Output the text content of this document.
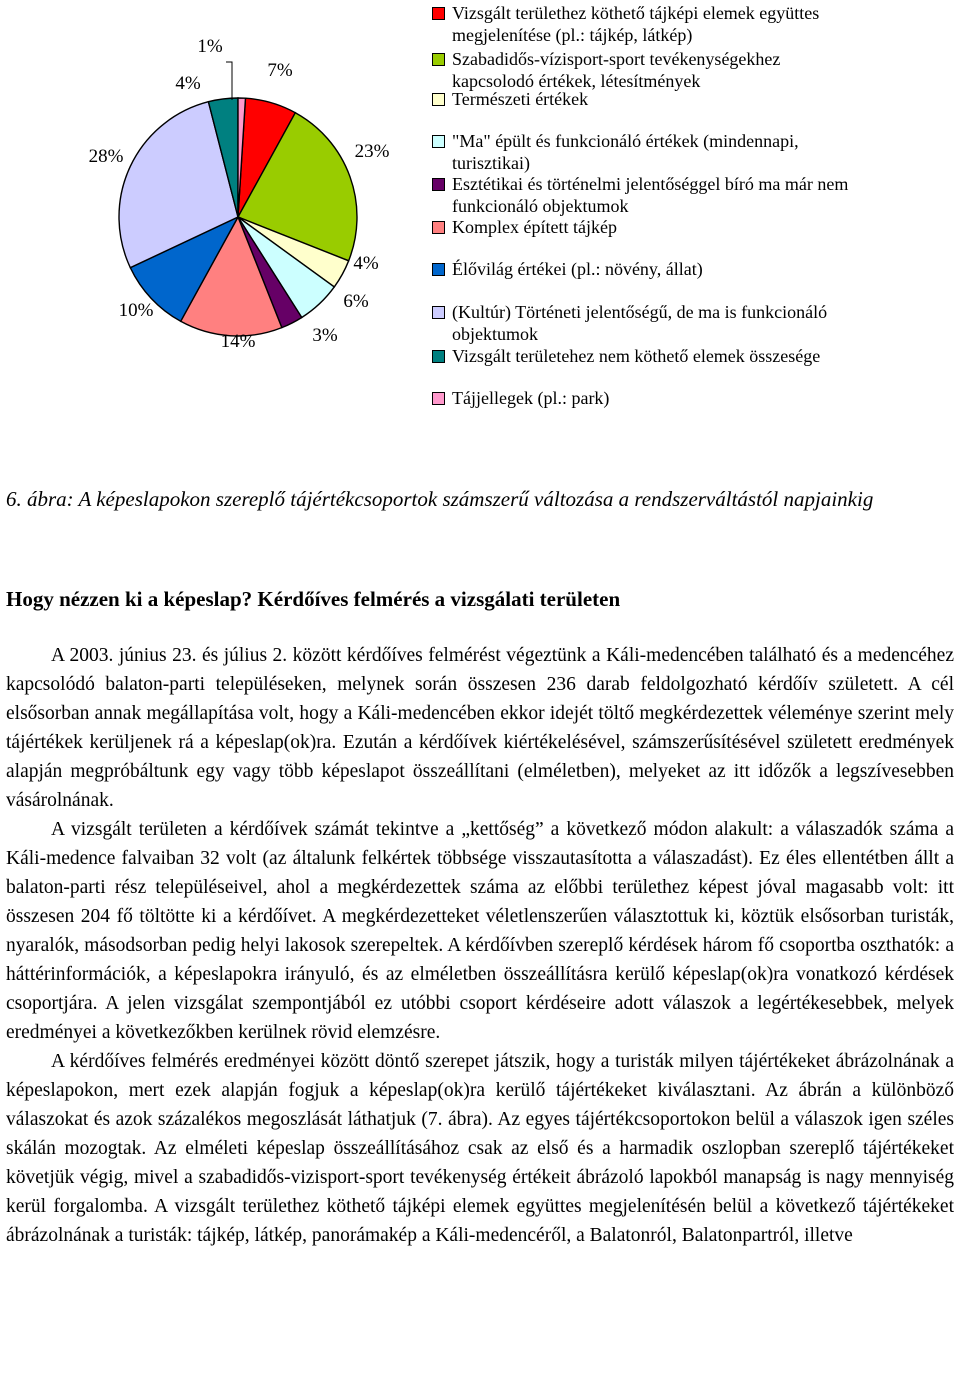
7%
23%
4%
6%
3%
14%
10%
28%
4%
1%
Vizsgált területhez köthető tájképi elemek együttes megjelenítése (pl.: tájkép, látkép)
Szabadidős-vízisport-sport tevékenységekhez kapcsolodó értékek, létesítmények
Természeti értékek
"Ma" épült és funkcionáló értékek (mindennapi, turisztikai)
Esztétikai és történelmi jelentőséggel bíró ma már nem funkcionáló objektumok
Komplex épített tájkép
Élővilág értékei (pl.: növény, állat)
(Kultúr) Történeti jelentőségű, de ma is funkcionáló objektumok
Vizsgált területehez nem köthető elemek összesége
Tájjellegek (pl.: park)
6. ábra: A képeslapokon szereplő tájértékcsoportok számszerű változása a rendszerváltástól napjainkig
Hogy nézzen ki a képeslap? Kérdőíves felmérés a vizsgálati területen

A 2003. június 23. és július 2. között kérdőíves felmérést végeztünk a Káli-medencében található és a medencéhez kapcsolódó balaton-parti településeken, melynek során összesen 236 darab feldolgozható kérdőív született. A cél elsősorban annak megállapítása volt, hogy a Káli-medencében ekkor idejét töltő megkérdezettek véleménye szerint mely tájértékek kerüljenek rá a képeslap(ok)ra. Ezután a kérdőívek kiértékelésével, számszerűsítésével született eredmények alapján megpróbáltunk egy vagy több képeslapot összeállítani (elméletben), melyeket az itt időzők a legszívesebben vásárolnának.

A vizsgált területen a kérdőívek számát tekintve a „kettőség” a következő módon alakult: a válaszadók száma a Káli-medence falvaiban 32 volt (az általunk felkértek többsége visszautasította a válaszadást). Ez éles ellentétben állt a balaton-parti rész településeivel, ahol a megkérdezettek száma az előbbi területhez képest jóval magasabb volt: itt összesen 204 fő töltötte ki a kérdőívet. A megkérdezetteket véletlenszerűen választottuk ki, köztük elsősorban turisták, nyaralók, másodsorban pedig helyi lakosok szerepeltek. A kérdőívben szereplő kérdések három fő csoportba oszthatók: a háttérinformációk, a képeslapokra irányuló, és az elméletben összeállításra kerülő képeslap(ok)ra vonatkozó kérdések csoportjára. A jelen vizsgálat szempontjából ez utóbbi csoport kérdéseire adott válaszok a legértékesebbek, melyek eredményei a következőkben kerülnek rövid elemzésre.

A kérdőíves felmérés eredményei között döntő szerepet játszik, hogy a turisták milyen tájértékeket ábrázolnának a képeslapokon, mert ezek alapján fogjuk a képeslap(ok)ra kerülő tájértékeket kiválasztani. Az ábrán a különböző válaszokat és azok százalékos megoszlását láthatjuk (7. ábra). Az egyes tájértékcsoportokon belül a válaszok igen széles skálán mozogtak. Az elméleti képeslap összeállításához csak az első és a harmadik oszlopban szereplő tájértékeket követjük végig, mivel a szabadidős-vizisport-sport tevékenység értékeit ábrázoló lapokból manapság is nagy mennyiség kerül forgalomba. A vizsgált területhez köthető tájképi elemek együttes megjelenítésén belül a következő tájértékeket ábrázolnának a turisták: tájkép, látkép, panorámakép a Káli-medencéről, a Balatonról, Balatonpartról, illetve
